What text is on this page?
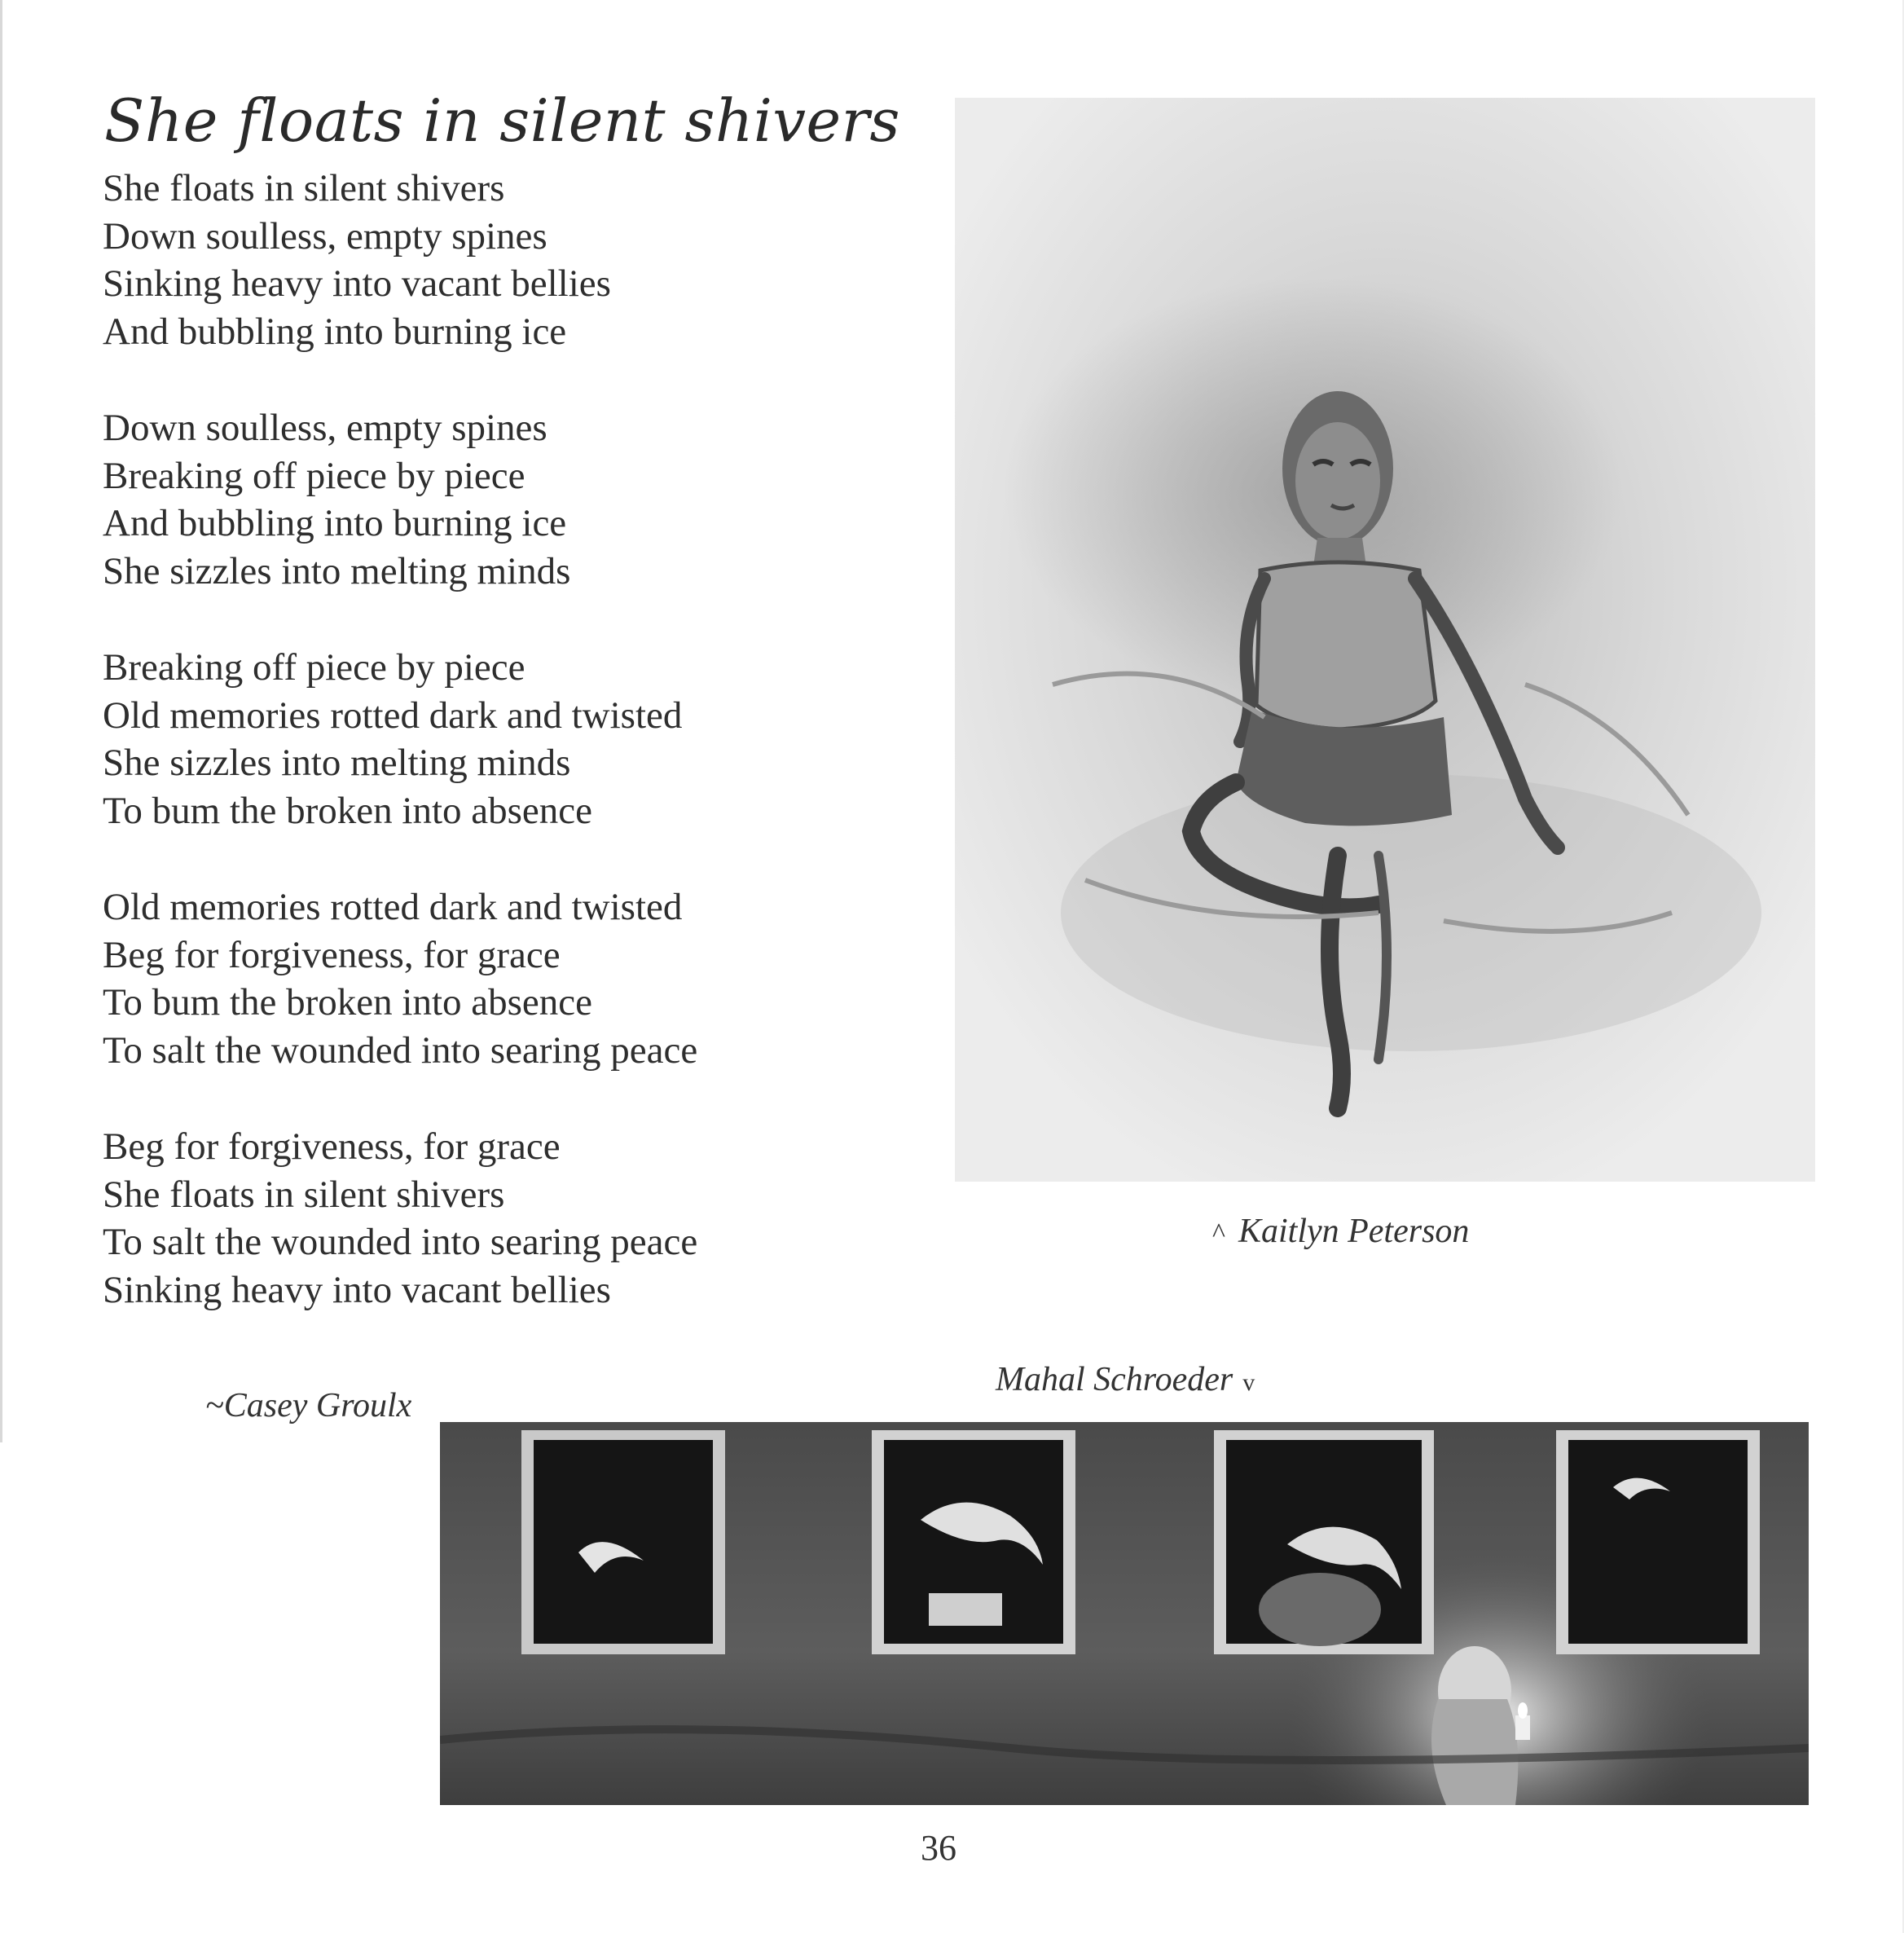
She floats in silent shivers
She floats in silent shivers
Down soulless, empty spines
Sinking heavy into vacant bellies
And bubbling into burning ice
Down soulless, empty spines
Breaking off piece by piece
And bubbling into burning ice
She sizzles into melting minds
Breaking off piece by piece
Old memories rotted dark and twisted
She sizzles into melting minds
To bum the broken into absence
Old memories rotted dark and twisted
Beg for forgiveness, for grace
To bum the broken into absence
To salt the wounded into searing peace
Beg for forgiveness, for grace
She floats in silent shivers
To salt the wounded into searing peace
Sinking heavy into vacant bellies
~Casey Groulx
^ Kaitlyn Peterson
Mahal Schroeder v
36
